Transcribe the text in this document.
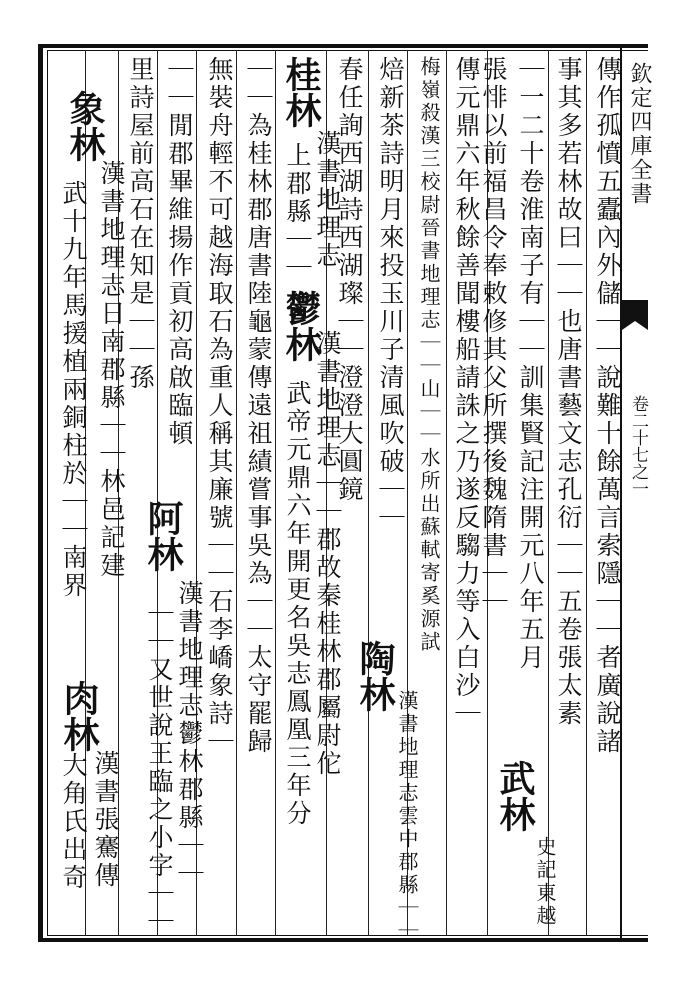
欽定四庫全書
卷二十七之一
傳作孤憤五蠹內外儲｜｜說難十餘萬言索隱｜｜者廣說諸
事其多若林故曰｜｜也唐書藝文志孔衍｜｜五卷張太素
｜一二十卷淮南子有｜｜訓集賢記注開元八年五月
武林
史記東越
張悱以前福昌令奉敕修其父所撰後魏隋書｜｜
傳元鼎六年秋餘善聞樓船請誅之乃遂反騶力等入白沙｜
梅嶺殺漢三校尉晉書地理志｜｜山｜｜水所出蘇軾寄奚源試
焙新茶詩明月來投玉川子清風吹破｜｜
陶林
漢書地理志雲中郡縣｜｜
春任詢西湖詩西湖璨｜｜澄澄大圓鏡
桂林
漢書地理志
上郡縣｜｜
鬱林
漢書地理志｜｜郡故秦桂林郡屬尉佗
武帝元鼎六年開更名吳志鳳凰三年分
｜｜為桂林郡唐書陸龜蒙傳遠祖績嘗事吳為｜｜太守罷歸
無裝舟輕不可越海取石為重人稱其廉號｜｜石李嶠象詩｜
｜｜閒郡畢維揚作貢初高啟臨頓
阿林
漢書地理志鬱林郡縣｜｜
｜｜又世說王臨之小字｜｜
里詩屋前高石在知是｜｜孫
象林
漢書地理志日南郡縣｜｜林邑記建
武十九年馬援植兩銅柱於｜｜南界
肉林
漢書張騫傳
大角氏出奇
